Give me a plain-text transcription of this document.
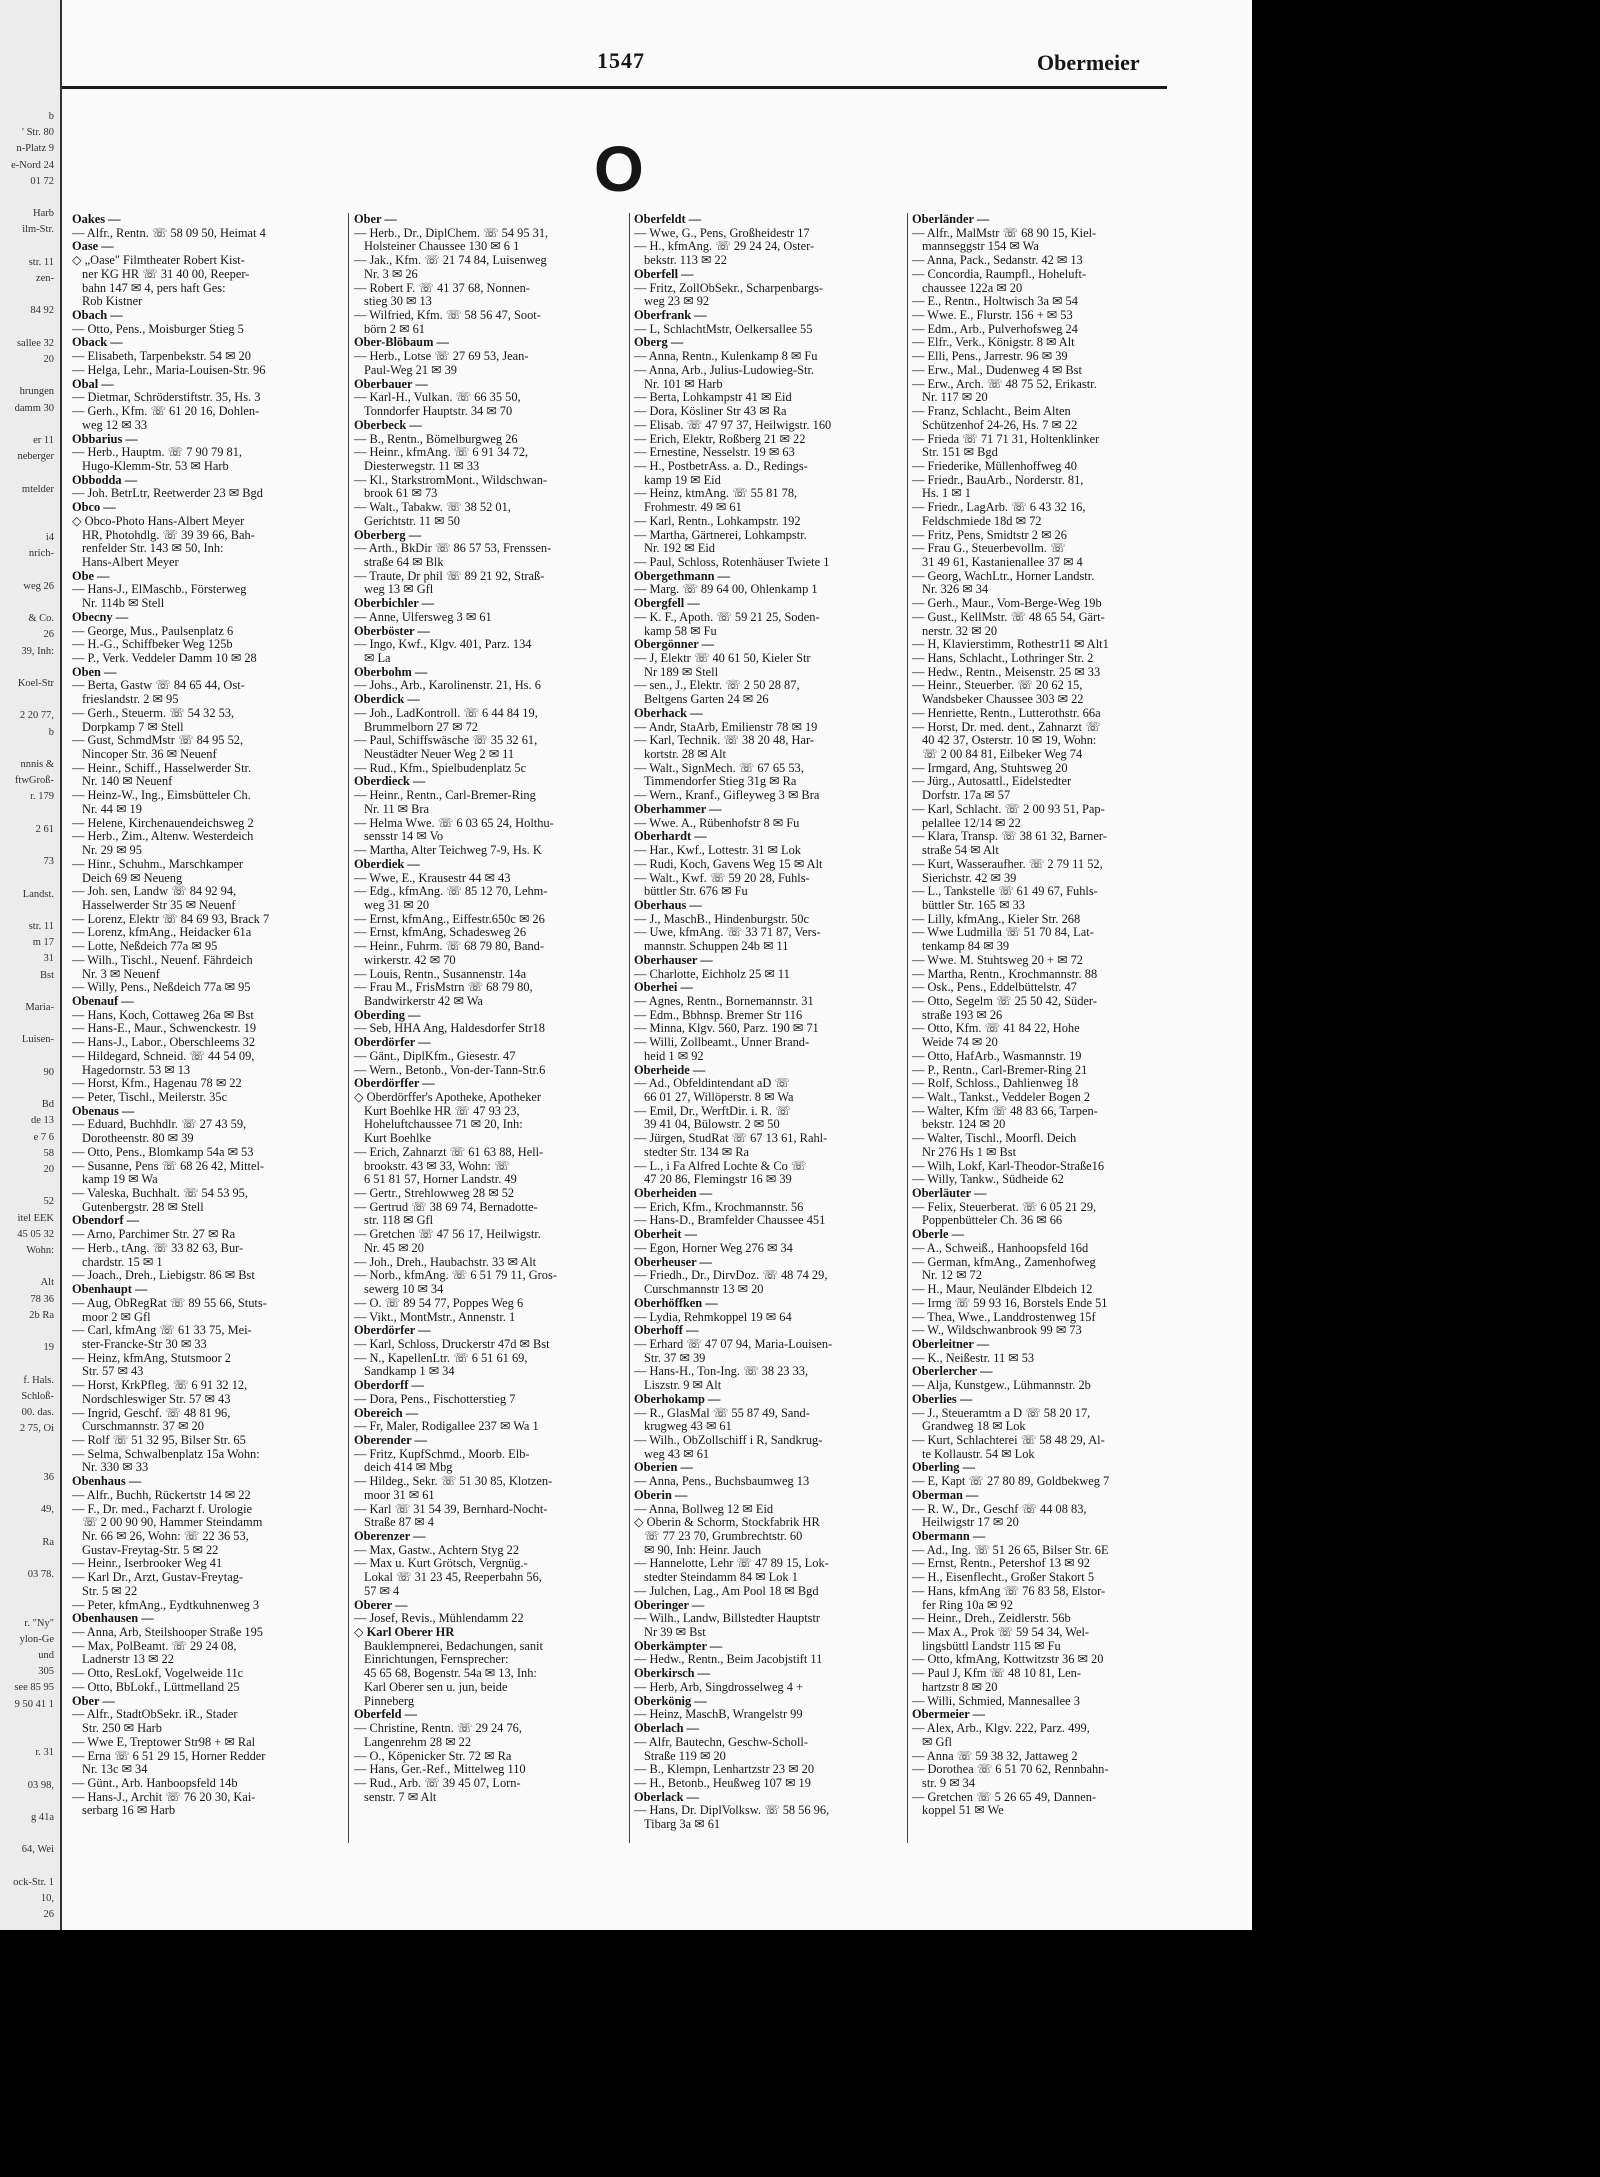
b
' Str. 80
n-Platz 9
e-Nord 24
01 72
Harb
ilm-Str.
str. 11
zen-
84 92
sallee 32
20
hrungen
damm 30
er 11
neberger
mtelder
i4
nrich-
weg 26
& Co.
26
39, Inh:
Koel-Str
2 20 77,
b
nnnis &
ftwGroß-
r. 179
2 61
73
Landst.
str. 11
m 17
31
Bst
Maria-
Luisen-
90
Bd
de 13
e 7 6
58
20
52
itel EEK
45 05 32
Wohn:
Alt
78 36
2b Ra
19
f. Hals.
Schloß-
00. das.
2 75, Oi
36
49,
Ra
03 78.
r. "Ny"
ylon-Ge
und
305
see 85 95
9 50 41 1
r. 31
03 98,
g 41a
64, Wei
ock-Str. 1
10,
26
1547	Obermeier
O
Oakes —
— Alfr., Rentn. ☏ 58 09 50, Heimat 4
Oase —
◇ „Oase" Filmtheater Robert Kist-
ner KG HR ☏ 31 40 00, Reeper-
bahn 147 ✉ 4, pers haft Ges:
Rob Kistner
Obach —
— Otto, Pens., Moisburger Stieg 5
Oback —
— Elisabeth, Tarpenbekstr. 54 ✉ 20
— Helga, Lehr., Maria-Louisen-Str. 96
Obal —
— Dietmar, Schröderstiftstr. 35, Hs. 3
— Gerh., Kfm. ☏ 61 20 16, Dohlen-
weg 12 ✉ 33
Obbarius —
— Herb., Hauptm. ☏ 7 90 79 81,
Hugo-Klemm-Str. 53 ✉ Harb
Obbodda —
— Joh. BetrLtr, Reetwerder 23 ✉ Bgd
Obco —
◇ Obco-Photo Hans-Albert Meyer
HR, Photohdlg. ☏ 39 39 66, Bah-
renfelder Str. 143 ✉ 50, Inh:
Hans-Albert Meyer
Obe —
— Hans-J., ElMaschb., Försterweg
Nr. 114b ✉ Stell
Obecny —
— George, Mus., Paulsenplatz 6
— H.-G., Schiffbeker Weg 125b
— P., Verk. Veddeler Damm 10 ✉ 28
Oben —
— Berta, Gastw ☏ 84 65 44, Ost-
frieslandstr. 2 ✉ 95
— Gerh., Steuerm. ☏ 54 32 53,
Dorpkamp 7 ✉ Stell
— Gust, SchmdMstr ☏ 84 95 52,
Nincoper Str. 36 ✉ Neuenf
— Heinr., Schiff., Hasselwerder Str.
Nr. 140 ✉ Neuenf
— Heinz-W., Ing., Eimsbütteler Ch.
Nr. 44 ✉ 19
— Helene, Kirchenauendeichsweg 2
— Herb., Zim., Altenw. Westerdeich
Nr. 29 ✉ 95
— Hinr., Schuhm., Marschkamper
Deich 69 ✉ Neueng
— Joh. sen, Landw ☏ 84 92 94,
Hasselwerder Str 35 ✉ Neuenf
— Lorenz, Elektr ☏ 84 69 93, Brack 7
— Lorenz, kfmAng., Heidacker 61a
— Lotte, Neßdeich 77a ✉ 95
— Wilh., Tischl., Neuenf. Fährdeich
Nr. 3 ✉ Neuenf
— Willy, Pens., Neßdeich 77a ✉ 95
Obenauf —
— Hans, Koch, Cottaweg 26a ✉ Bst
— Hans-E., Maur., Schwenckestr. 19
— Hans-J., Labor., Oberschleems 32
— Hildegard, Schneid. ☏ 44 54 09,
Hagedornstr. 53 ✉ 13
— Horst, Kfm., Hagenau 78 ✉ 22
— Peter, Tischl., Meilerstr. 35c
Obenaus —
— Eduard, Buchhdlr. ☏ 27 43 59,
Dorotheenstr. 80 ✉ 39
— Otto, Pens., Blomkamp 54a ✉ 53
— Susanne, Pens ☏ 68 26 42, Mittel-
kamp 19 ✉ Wa
— Valeska, Buchhalt. ☏ 54 53 95,
Gutenbergstr. 28 ✉ Stell
Obendorf —
— Arno, Parchimer Str. 27 ✉ Ra
— Herb., tAng. ☏ 33 82 63, Bur-
chardstr. 15 ✉ 1
— Joach., Dreh., Liebigstr. 86 ✉ Bst
Obenhaupt —
— Aug, ObRegRat ☏ 89 55 66, Stuts-
moor 2 ✉ Gfl
— Carl, kfmAng ☏ 61 33 75, Mei-
ster-Francke-Str 30 ✉ 33
— Heinz, kfmAng, Stutsmoor 2
Str. 57 ✉ 43
— Horst, KrkPfleg. ☏ 6 91 32 12,
Nordschleswiger Str. 57 ✉ 43
— Ingrid, Geschf. ☏ 48 81 96,
Curschmannstr. 37 ✉ 20
— Rolf ☏ 51 32 95, Bilser Str. 65
— Selma, Schwalbenplatz 15a Wohn:
Nr. 330 ✉ 33
Obenhaus —
— Alfr., Buchh, Rückertstr 14 ✉ 22
— F., Dr. med., Facharzt f. Urologie
☏ 2 00 90 90, Hammer Steindamm
Nr. 66 ✉ 26, Wohn: ☏ 22 36 53,
Gustav-Freytag-Str. 5 ✉ 22
— Heinr., Iserbrooker Weg 41
— Karl Dr., Arzt, Gustav-Freytag-
Str. 5 ✉ 22
— Peter, kfmAng., Eydtkuhnenweg 3
Obenhausen —
— Anna, Arb, Steilshooper Straße 195
— Max, PolBeamt. ☏ 29 24 08,
Ladnerstr 13 ✉ 22
— Otto, ResLokf, Vogelweide 11c
— Otto, BbLokf., Lüttmelland 25
Ober —
— Alfr., StadtObSekr. iR., Stader
Str. 250 ✉ Harb
— Wwe E, Treptower Str98 + ✉ Ral
— Erna ☏ 6 51 29 15, Horner Redder
Nr. 13c ✉ 34
— Günt., Arb. Hanboopsfeld 14b
— Hans-J., Archit ☏ 76 20 30, Kai-
serbarg 16 ✉ Harb
Ober —
— Herb., Dr., DiplChem. ☏ 54 95 31,
Holsteiner Chaussee 130 ✉ 6 1
— Jak., Kfm. ☏ 21 74 84, Luisenweg
Nr. 3 ✉ 26
— Robert F. ☏ 41 37 68, Nonnen-
stieg 30 ✉ 13
— Wilfried, Kfm. ☏ 58 56 47, Soot-
börn 2 ✉ 61
Ober-Blöbaum —
— Herb., Lotse ☏ 27 69 53, Jean-
Paul-Weg 21 ✉ 39
Oberbauer —
— Karl-H., Vulkan. ☏ 66 35 50,
Tonndorfer Hauptstr. 34 ✉ 70
Oberbeck —
— B., Rentn., Bömelburgweg 26
— Heinr., kfmAng. ☏ 6 91 34 72,
Diesterwegstr. 11 ✉ 33
— Kl., StarkstromMont., Wildschwan-
brook 61 ✉ 73
— Walt., Tabakw. ☏ 38 52 01,
Gerichtstr. 11 ✉ 50
Oberberg —
— Arth., BkDir ☏ 86 57 53, Frenssen-
straße 64 ✉ Blk
— Traute, Dr phil ☏ 89 21 92, Straß-
weg 13 ✉ Gfl
Oberbichler —
— Anne, Ulfersweg 3 ✉ 61
Oberböster —
— Ingo, Kwf., Klgv. 401, Parz. 134
✉ La
Oberbohm —
— Johs., Arb., Karolinenstr. 21, Hs. 6
Oberdick —
— Joh., LadKontroll. ☏ 6 44 84 19,
Brummelborn 27 ✉ 72
— Paul, Schiffswäsche ☏ 35 32 61,
Neustädter Neuer Weg 2 ✉ 11
— Rud., Kfm., Spielbudenplatz 5c
Oberdieck —
— Heinr., Rentn., Carl-Bremer-Ring
Nr. 11 ✉ Bra
— Helma Wwe. ☏ 6 03 65 24, Holthu-
sensstr 14 ✉ Vo
— Martha, Alter Teichweg 7-9, Hs. K
Oberdiek —
— Wwe, E., Krausestr 44 ✉ 43
— Edg., kfmAng. ☏ 85 12 70, Lehm-
weg 31 ✉ 20
— Ernst, kfmAng., Eiffestr.650c ✉ 26
— Ernst, kfmAng, Schadesweg 26
— Heinr., Fuhrm. ☏ 68 79 80, Band-
wirkerstr. 42 ✉ 70
— Louis, Rentn., Susannenstr. 14a
— Frau M., FrisMstrn ☏ 68 79 80,
Bandwirkerstr 42 ✉ Wa
Oberding —
— Seb, HHA Ang, Haldesdorfer Str18
Oberdörfer —
— Gänt., DiplKfm., Giesestr. 47
— Wern., Betonb., Von-der-Tann-Str.6
Oberdörffer —
◇ Oberdörffer's Apotheke, Apotheker
Kurt Boehlke HR ☏ 47 93 23,
Hoheluftchaussee 71 ✉ 20, Inh:
Kurt Boehlke
— Erich, Zahnarzt ☏ 61 63 88, Hell-
brookstr. 43 ✉ 33, Wohn: ☏
6 51 81 57, Horner Landstr. 49
— Gertr., Strehlowweg 28 ✉ 52
— Gertrud ☏ 38 69 74, Bernadotte-
str. 118 ✉ Gfl
— Gretchen ☏ 47 56 17, Heilwigstr.
Nr. 45 ✉ 20
— Joh., Dreh., Haubachstr. 33 ✉ Alt
— Norb., kfmAng. ☏ 6 51 79 11, Gros-
sewerg 10 ✉ 34
— O. ☏ 89 54 77, Poppes Weg 6
— Vikt., MontMstr., Annenstr. 1
Oberdörfer —
— Karl, Schloss, Druckerstr 47d ✉ Bst
— N., KapellenLtr. ☏ 6 51 61 69,
Sandkamp 1 ✉ 34
Oberdorff —
— Dora, Pens., Fischotterstieg 7
Obereich —
— Fr, Maler, Rodigallee 237 ✉ Wa 1
Oberender —
— Fritz, KupfSchmd., Moorb. Elb-
deich 414 ✉ Mbg
— Hildeg., Sekr. ☏ 51 30 85, Klotzen-
moor 31 ✉ 61
— Karl ☏ 31 54 39, Bernhard-Nocht-
Straße 87 ✉ 4
Oberenzer —
— Max, Gastw., Achtern Styg 22
— Max u. Kurt Grötsch, Vergnüg.-
Lokal ☏ 31 23 45, Reeperbahn 56,
57 ✉ 4
Oberer —
— Josef, Revis., Mühlendamm 22
◇ Karl Oberer HR
Bauklempnerei, Bedachungen, sanit
Einrichtungen, Fernsprecher:
45 65 68, Bogenstr. 54a ✉ 13, Inh:
Karl Oberer sen u. jun, beide
Pinneberg
Oberfeld —
— Christine, Rentn. ☏ 29 24 76,
Langenrehm 28 ✉ 22
— O., Köpenicker Str. 72 ✉ Ra
— Hans, Ger.-Ref., Mittelweg 110
— Rud., Arb. ☏ 39 45 07, Lorn-
senstr. 7 ✉ Alt
Oberfeldt —
— Wwe, G., Pens, Großheidestr 17
— H., kfmAng. ☏ 29 24 24, Oster-
bekstr. 113 ✉ 22
Oberfell —
— Fritz, ZollObSekr., Scharpenbargs-
weg 23 ✉ 92
Oberfrank —
— L, SchlachtMstr, Oelkersallee 55
Oberg —
— Anna, Rentn., Kulenkamp 8 ✉ Fu
— Anna, Arb., Julius-Ludowieg-Str.
Nr. 101 ✉ Harb
— Berta, Lohkampstr 41 ✉ Eid
— Dora, Kösliner Str 43 ✉ Ra
— Elisab. ☏ 47 97 37, Heilwigstr. 160
— Erich, Elektr, Roßberg 21 ✉ 22
— Ernestine, Nesselstr. 19 ✉ 63
— H., PostbetrAss. a. D., Redings-
kamp 19 ✉ Eid
— Heinz, ktmAng. ☏ 55 81 78,
Frohmestr. 49 ✉ 61
— Karl, Rentn., Lohkampstr. 192
— Martha, Gärtnerei, Lohkampstr.
Nr. 192 ✉ Eid
— Paul, Schloss, Rotenhäuser Twiete 1
Obergethmann —
— Marg. ☏ 89 64 00, Ohlenkamp 1
Obergfell —
— K. F., Apoth. ☏ 59 21 25, Soden-
kamp 58 ✉ Fu
Obergönner —
— J, Elektr ☏ 40 61 50, Kieler Str
Nr 189 ✉ Stell
— sen., J., Elektr. ☏ 2 50 28 87,
Beltgens Garten 24 ✉ 26
Oberhack —
— Andr, StaArb, Emilienstr 78 ✉ 19
— Karl, Technik. ☏ 38 20 48, Har-
kortstr. 28 ✉ Alt
— Walt., SignMech. ☏ 67 65 53,
Timmendorfer Stieg 31g ✉ Ra
— Wern., Kranf., Gifleyweg 3 ✉ Bra
Oberhammer —
— Wwe. A., Rübenhofstr 8 ✉ Fu
Oberhardt —
— Har., Kwf., Lottestr. 31 ✉ Lok
— Rudi, Koch, Gavens Weg 15 ✉ Alt
— Walt., Kwf. ☏ 59 20 28, Fuhls-
büttler Str. 676 ✉ Fu
Oberhaus —
— J., MaschB., Hindenburgstr. 50c
— Uwe, kfmAng. ☏ 33 71 87, Vers-
mannstr. Schuppen 24b ✉ 11
Oberhauser —
— Charlotte, Eichholz 25 ✉ 11
Oberhei —
— Agnes, Rentn., Bornemannstr. 31
— Edm., Bbhnsp. Bremer Str 116
— Minna, Klgv. 560, Parz. 190 ✉ 71
— Willi, Zollbeamt., Unner Brand-
heid 1 ✉ 92
Oberheide —
— Ad., Obfeldintendant aD ☏
66 01 27, Willöperstr. 8 ✉ Wa
— Emil, Dr., WerftDir. i. R. ☏
39 41 04, Bülowstr. 2 ✉ 50
— Jürgen, StudRat ☏ 67 13 61, Rahl-
stedter Str. 134 ✉ Ra
— L., i Fa Alfred Lochte & Co ☏
47 20 86, Flemingstr 16 ✉ 39
Oberheiden —
— Erich, Kfm., Krochmannstr. 56
— Hans-D., Bramfelder Chaussee 451
Oberheit —
— Egon, Horner Weg 276 ✉ 34
Oberheuser —
— Friedh., Dr., DirvDoz. ☏ 48 74 29,
Curschmannstr 13 ✉ 20
Oberhöffken —
— Lydia, Rehmkoppel 19 ✉ 64
Oberhoff —
— Erhard ☏ 47 07 94, Maria-Louisen-
Str. 37 ✉ 39
— Hans-H., Ton-Ing. ☏ 38 23 33,
Liszstr. 9 ✉ Alt
Oberhokamp —
— R., GlasMal ☏ 55 87 49, Sand-
krugweg 43 ✉ 61
— Wilh., ObZollschiff i R, Sandkrug-
weg 43 ✉ 61
Oberien —
— Anna, Pens., Buchsbaumweg 13
Oberin —
— Anna, Bollweg 12 ✉ Eid
◇ Oberin & Schorm, Stockfabrik HR
☏ 77 23 70, Grumbrechtstr. 60
✉ 90, Inh: Heinr. Jauch
— Hannelotte, Lehr ☏ 47 89 15, Lok-
stedter Steindamm 84 ✉ Lok 1
— Julchen, Lag., Am Pool 18 ✉ Bgd
Oberinger —
— Wilh., Landw, Billstedter Hauptstr
Nr 39 ✉ Bst
Oberkämpter —
— Hedw., Rentn., Beim Jacobjstift 11
Oberkirsch —
— Herb, Arb, Singdrosselweg 4 +
Oberkönig —
— Heinz, MaschB, Wrangelstr 99
Oberlach —
— Alfr, Bautechn, Geschw-Scholl-
Straße 119 ✉ 20
— B., Klempn, Lenhartzstr 23 ✉ 20
— H., Betonb., Heußweg 107 ✉ 19
Oberlack —
— Hans, Dr. DiplVolksw. ☏ 58 56 96,
Tibarg 3a ✉ 61
Oberländer —
— Alfr., MalMstr ☏ 68 90 15, Kiel-
mannseggstr 154 ✉ Wa
— Anna, Pack., Sedanstr. 42 ✉ 13
— Concordia, Raumpfl., Hoheluft-
chaussee 122a ✉ 20
— E., Rentn., Holtwisch 3a ✉ 54
— Wwe. E., Flurstr. 156 + ✉ 53
— Edm., Arb., Pulverhofsweg 24
— Elfr., Verk., Königstr. 8 ✉ Alt
— Elli, Pens., Jarrestr. 96 ✉ 39
— Erw., Mal., Dudenweg 4 ✉ Bst
— Erw., Arch. ☏ 48 75 52, Erikastr.
Nr. 117 ✉ 20
— Franz, Schlacht., Beim Alten
Schützenhof 24-26, Hs. 7 ✉ 22
— Frieda ☏ 71 71 31, Holtenklinker
Str. 151 ✉ Bgd
— Friederike, Müllenhoffweg 40
— Friedr., BauArb., Norderstr. 81,
Hs. 1 ✉ 1
— Friedr., LagArb. ☏ 6 43 32 16,
Feldschmiede 18d ✉ 72
— Fritz, Pens, Smidtstr 2 ✉ 26
— Frau G., Steuerbevollm. ☏
31 49 61, Kastanienallee 37 ✉ 4
— Georg, WachLtr., Horner Landstr.
Nr. 326 ✉ 34
— Gerh., Maur., Vom-Berge-Weg 19b
— Gust., KellMstr. ☏ 48 65 54, Gärt-
nerstr. 32 ✉ 20
— H, Klavierstimm, Rothestr11 ✉ Alt1
— Hans, Schlacht., Lothringer Str. 2
— Hedw., Rentn., Meisenstr. 25 ✉ 33
— Heinr., Steuerber. ☏ 20 62 15,
Wandsbeker Chaussee 303 ✉ 22
— Henriette, Rentn., Lutterothstr. 66a
— Horst, Dr. med. dent., Zahnarzt ☏
40 42 37, Osterstr. 10 ✉ 19, Wohn:
☏ 2 00 84 81, Eilbeker Weg 74
— Irmgard, Ang, Stuhtsweg 20
— Jürg., Autosattl., Eidelstedter
Dorfstr. 17a ✉ 57
— Karl, Schlacht. ☏ 2 00 93 51, Pap-
pelallee 12/14 ✉ 22
— Klara, Transp. ☏ 38 61 32, Barner-
straße 54 ✉ Alt
— Kurt, Wasseraufher. ☏ 2 79 11 52,
Sierichstr. 42 ✉ 39
— L., Tankstelle ☏ 61 49 67, Fuhls-
büttler Str. 165 ✉ 33
— Lilly, kfmAng., Kieler Str. 268
— Wwe Ludmilla ☏ 51 70 84, Lat-
tenkamp 84 ✉ 39
— Wwe. M. Stuhtsweg 20 + ✉ 72
— Martha, Rentn., Krochmannstr. 88
— Osk., Pens., Eddelbüttelstr. 47
— Otto, Segelm ☏ 25 50 42, Süder-
straße 193 ✉ 26
— Otto, Kfm. ☏ 41 84 22, Hohe
Weide 74 ✉ 20
— Otto, HafArb., Wasmannstr. 19
— P., Rentn., Carl-Bremer-Ring 21
— Rolf, Schloss., Dahlienweg 18
— Walt., Tankst., Veddeler Bogen 2
— Walter, Kfm ☏ 48 83 66, Tarpen-
bekstr. 124 ✉ 20
— Walter, Tischl., Moorfl. Deich
Nr 276 Hs 1 ✉ Bst
— Wilh, Lokf, Karl-Theodor-Straße16
— Willy, Tankw., Südheide 62
Oberläuter —
— Felix, Steuerberat. ☏ 6 05 21 29,
Poppenbütteler Ch. 36 ✉ 66
Oberle —
— A., Schweiß., Hanhoopsfeld 16d
— German, kfmAng., Zamenhofweg
Nr. 12 ✉ 72
— H., Maur, Neuländer Elbdeich 12
— Irmg ☏ 59 93 16, Borstels Ende 51
— Thea, Wwe., Landdrostenweg 15f
— W., Wildschwanbrook 99 ✉ 73
Oberleitner —
— K., Neißestr. 11 ✉ 53
Oberlercher —
— Alja, Kunstgew., Lühmannstr. 2b
Oberlies —
— J., Steueramtm a D ☏ 58 20 17,
Grandweg 18 ✉ Lok
— Kurt, Schlachterei ☏ 58 48 29, Al-
te Kollaustr. 54 ✉ Lok
Oberling —
— E, Kapt ☏ 27 80 89, Goldbekweg 7
Oberman —
— R. W., Dr., Geschf ☏ 44 08 83,
Heilwigstr 17 ✉ 20
Obermann —
— Ad., Ing. ☏ 51 26 65, Bilser Str. 6E
— Ernst, Rentn., Petershof 13 ✉ 92
— H., Eisenflecht., Großer Stakort 5
— Hans, kfmAng ☏ 76 83 58, Elstor-
fer Ring 10a ✉ 92
— Heinr., Dreh., Zeidlerstr. 56b
— Max A., Prok ☏ 59 54 34, Wel-
lingsbüttl Landstr 115 ✉ Fu
— Otto, kfmAng, Kottwitzstr 36 ✉ 20
— Paul J, Kfm ☏ 48 10 81, Len-
hartzstr 8 ✉ 20
— Willi, Schmied, Mannesallee 3
Obermeier —
— Alex, Arb., Klgv. 222, Parz. 499,
✉ Gfl
— Anna ☏ 59 38 32, Jattaweg 2
— Dorothea ☏ 6 51 70 62, Rennbahn-
str. 9 ✉ 34
— Gretchen ☏ 5 26 65 49, Dannen-
koppel 51 ✉ We
